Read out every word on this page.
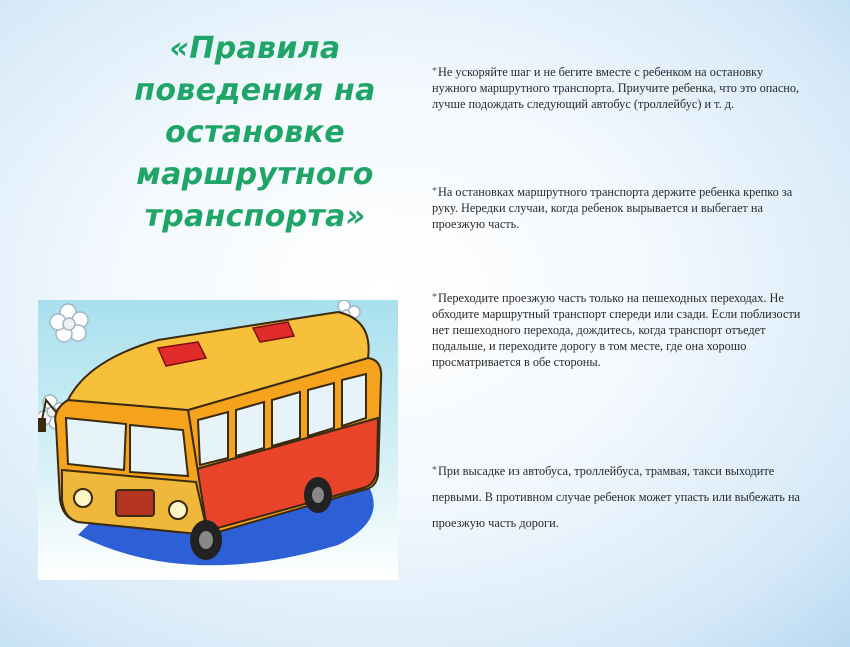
«Правила
поведения на
остановке
маршрутного
транспорта»

*Не ускоряйте шаг и не бегите вместе с ребенком на остановку нужного маршрутного транспорта. Приучите ребенка, что это опасно, лучше подождать следующий автобус (троллейбус) и т. д.

*На остановках маршрутного транспорта держите ребенка крепко за руку. Нередки случаи, когда ребенок вырывается и выбегает на проезжую часть.

*Переходите проезжую часть только на пешеходных переходах. Не обходите маршрутный транспорт спереди или сзади. Если поблизости нет пешеходного перехода, дождитесь, когда транспорт отъедет подальше, и переходите дорогу в том месте, где она хорошо просматривается в обе стороны.

*При высадке из автобуса, троллейбуса, трамвая, такси выходите первыми. В противном случае ребенок может упасть или выбежать на проезжую часть дороги.
